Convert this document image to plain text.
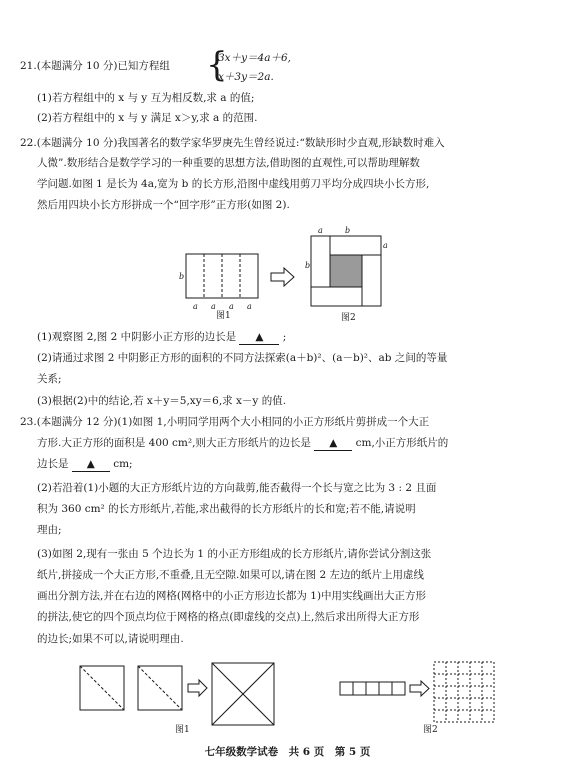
21.(本题满分 10 分)已知方程组 {
3x＋y＝4a＋6,
x＋3y＝2a.
(1)若方程组中的 x 与 y 互为相反数,求 a 的值;
(2)若方程组中的 x 与 y 满足 x＞y,求 a 的范围.
22.(本题满分 10 分)我国著名的数学家华罗庚先生曾经说过:“数缺形时少直观,形缺数时难入
人微”.数形结合是数学学习的一种重要的思想方法,借助图的直观性,可以帮助理解数
学问题.如图 1 是长为 4a,宽为 b 的长方形,沿图中虚线用剪刀平均分成四块小长方形,
然后用四块小长方形拼成一个“回字形”正方形(如图 2).
b
a a a a
图1
a	b
b
a
图2
(1)观察图 2,图 2 中阴影小正方形的边长是 ▲ ;
(2)请通过求图 2 中阴影正方形的面积的不同方法探索(a＋b)²、(a－b)²、ab 之间的等量
关系;
(3)根据(2)中的结论,若 x＋y＝5,xy＝6,求 x－y 的值.
23.(本题满分 12 分)(1)如图 1,小明同学用两个大小相同的小正方形纸片剪拼成一个大正
方形.大正方形的面积是 400 cm²,则大正方形纸片的边长是 ▲ cm,小正方形纸片的
边长是 ▲ cm;
(2)若沿着(1)小题的大正方形纸片边的方向裁剪,能否截得一个长与宽之比为 3 : 2 且面
积为 360 cm² 的长方形纸片,若能,求出截得的长方形纸片的长和宽;若不能,请说明
理由;
(3)如图 2,现有一张由 5 个边长为 1 的小正方形组成的长方形纸片,请你尝试分割这张
纸片,拼接成一个大正方形,不重叠,且无空隙.如果可以,请在图 2 左边的纸片上用虚线
画出分割方法,并在右边的网格(网格中的小正方形边长都为 1)中用实线画出大正方形
的拼法,使它的四个顶点均位于网格的格点(即虚线的交点)上,然后求出所得大正方形
的边长;如果不可以,请说明理由.
图1	图2
七年级数学试卷　共 6 页　第 5 页
